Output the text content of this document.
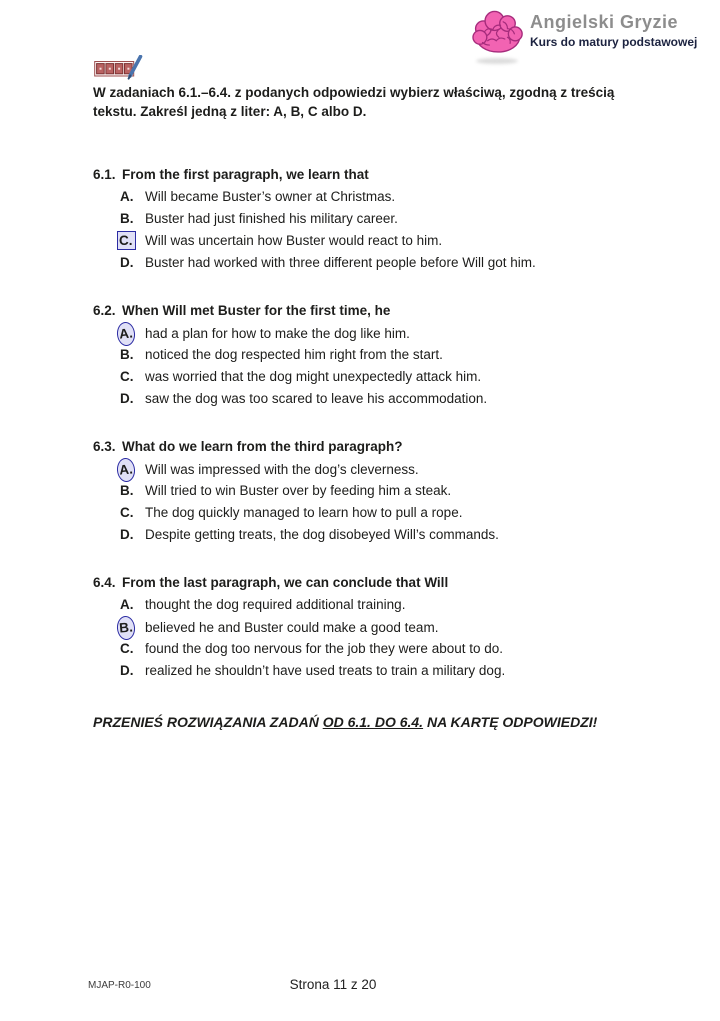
Angielski Gryzie
Kurs do matury podstawowej
W zadaniach 6.1.–6.4. z podanych odpowiedzi wybierz właściwą, zgodną z treścią
tekstu. Zakreśl jedną z liter: A, B, C albo D.
6.1. From the first paragraph, we learn that
A. Will became Buster’s owner at Christmas.
B. Buster had just finished his military career.
C. Will was uncertain how Buster would react to him.
D. Buster had worked with three different people before Will got him.
6.2. When Will met Buster for the first time, he
A. had a plan for how to make the dog like him.
B. noticed the dog respected him right from the start.
C. was worried that the dog might unexpectedly attack him.
D. saw the dog was too scared to leave his accommodation.
6.3. What do we learn from the third paragraph?
A. Will was impressed with the dog’s cleverness.
B. Will tried to win Buster over by feeding him a steak.
C. The dog quickly managed to learn how to pull a rope.
D. Despite getting treats, the dog disobeyed Will’s commands.
6.4. From the last paragraph, we can conclude that Will
A. thought the dog required additional training.
B. believed he and Buster could make a good team.
C. found the dog too nervous for the job they were about to do.
D. realized he shouldn’t have used treats to train a military dog.
PRZENIEŚ ROZWIĄZANIA ZADAŃ OD 6.1. DO 6.4. NA KARTĘ ODPOWIEDZI!
MJAP-R0-100	Strona 11 z 20
